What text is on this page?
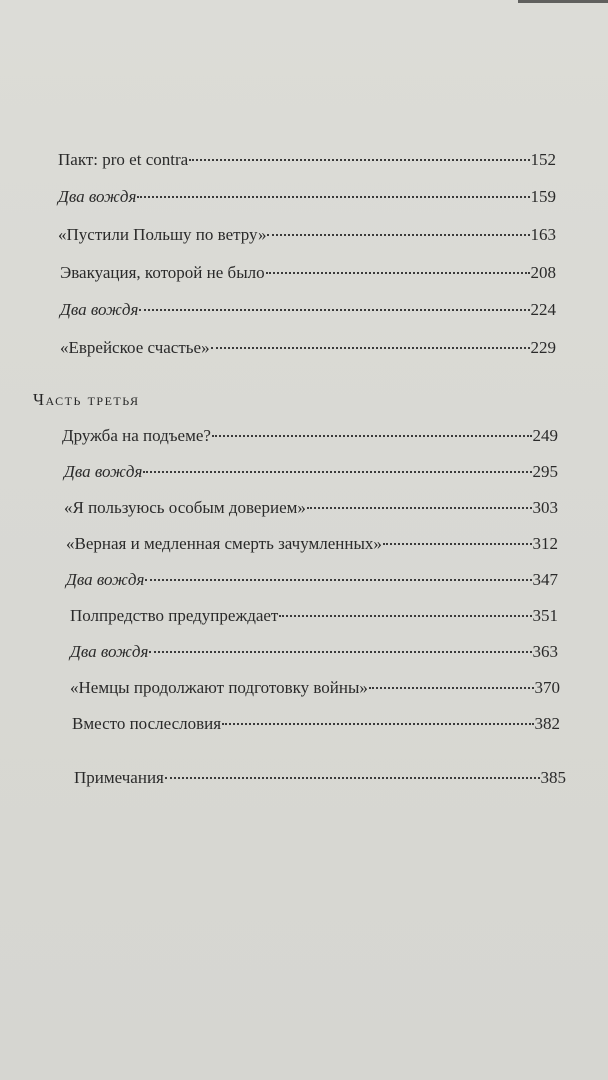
Пакт: pro et contra	152
Два вождя	159
«Пустили Польшу по ветру»	163
Эвакуация, которой не было	208
Два вождя	224
«Еврейское счастье»	229
Часть третья
Дружба на подъеме?	249
Два вождя	295
«Я пользуюсь особым доверием»	303
«Верная и медленная смерть зачумленных»	312
Два вождя	347
Полпредство предупреждает	351
Два вождя	363
«Немцы продолжают подготовку войны»	370
Вместо послесловия	382
Примечания	385
